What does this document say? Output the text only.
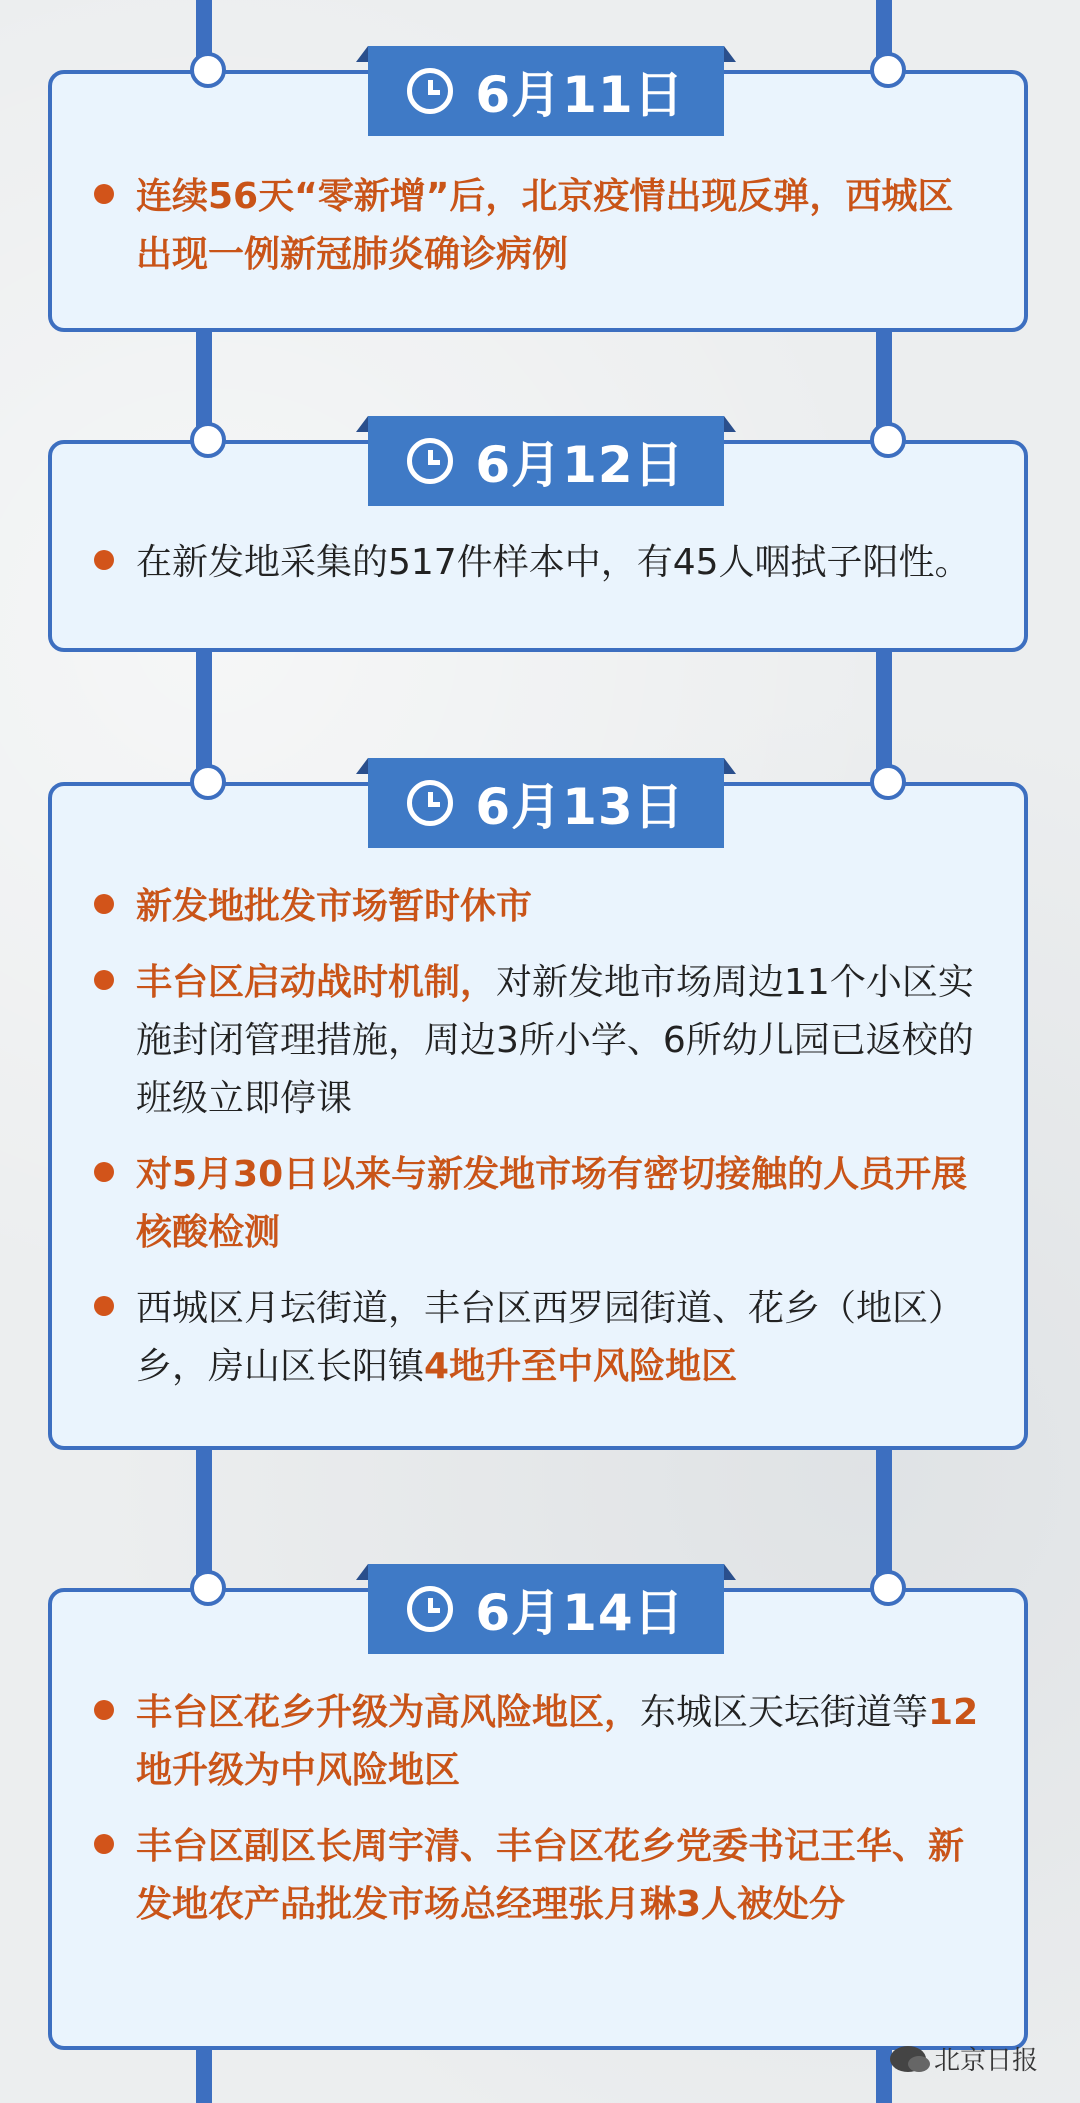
6月11日
连续56天“零新增”后，北京疫情出现反弹，西城区出现一例新冠肺炎确诊病例
6月12日
在新发地采集的517件样本中，有45人咽拭子阳性。
6月13日
新发地批发市场暂时休市
丰台区启动战时机制，对新发地市场周边11个小区实施封闭管理措施，周边3所小学、6所幼儿园已返校的班级立即停课
对5月30日以来与新发地市场有密切接触的人员开展核酸检测
西城区月坛街道，丰台区西罗园街道、花乡（地区）乡，房山区长阳镇4地升至中风险地区
6月14日
丰台区花乡升级为高风险地区，东城区天坛街道等12地升级为中风险地区
丰台区副区长周宇清、丰台区花乡党委书记王华、新发地农产品批发市场总经理张月琳3人被处分
北京日报
